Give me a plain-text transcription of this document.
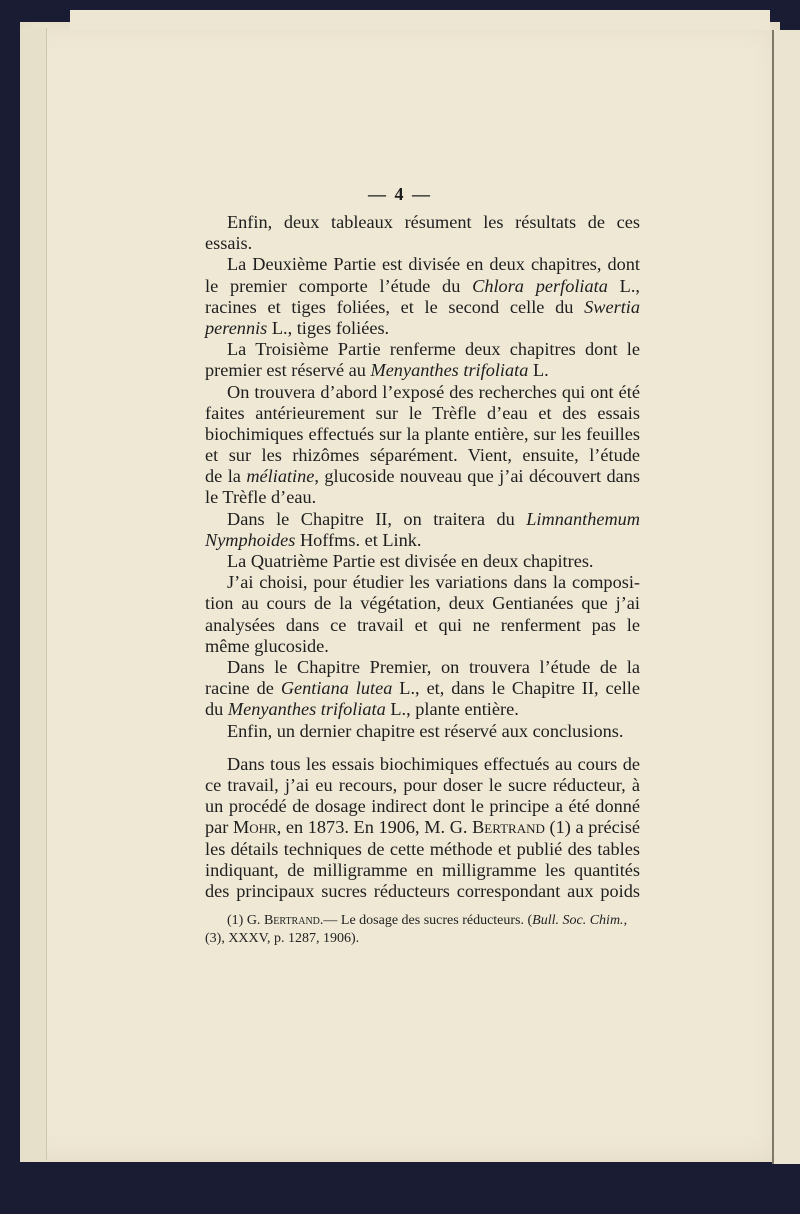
— 4 —
Enfin, deux tableaux résument les résultats de ces
essais.
La Deuxième Partie est divisée en deux chapitres, dont
le premier comporte l’étude du Chlora perfoliata L.,
racines et tiges foliées, et le second celle du Swertia
perennis L., tiges foliées.
La Troisième Partie renferme deux chapitres dont le
premier est réservé au Menyanthes trifoliata L.
On trouvera d’abord l’exposé des recherches qui ont été
faites antérieurement sur le Trèfle d’eau et des essais
biochimiques effectués sur la plante entière, sur les feuilles
et sur les rhizômes séparément. Vient, ensuite, l’étude
de la méliatine, glucoside nouveau que j’ai découvert dans
le Trèfle d’eau.
Dans le Chapitre II, on traitera du Limnanthemum
Nymphoides Hoffms. et Link.
La Quatrième Partie est divisée en deux chapitres.
J’ai choisi, pour étudier les variations dans la composi-
tion au cours de la végétation, deux Gentianées que j’ai
analysées dans ce travail et qui ne renferment pas le
même glucoside.
Dans le Chapitre Premier, on trouvera l’étude de la
racine de Gentiana lutea L., et, dans le Chapitre II, celle
du Menyanthes trifoliata L., plante entière.
Enfin, un dernier chapitre est réservé aux conclusions.
Dans tous les essais biochimiques effectués au cours de
ce travail, j’ai eu recours, pour doser le sucre réducteur, à
un procédé de dosage indirect dont le principe a été donné
par Mohr, en 1873. En 1906, M. G. Bertrand (1) a précisé
les détails techniques de cette méthode et publié des tables
indiquant, de milligramme en milligramme les quantités
des principaux sucres réducteurs correspondant aux poids
(1) G. Bertrand.— Le dosage des sucres réducteurs. (Bull. Soc. Chim.,
(3), XXXV, p. 1287, 1906).
